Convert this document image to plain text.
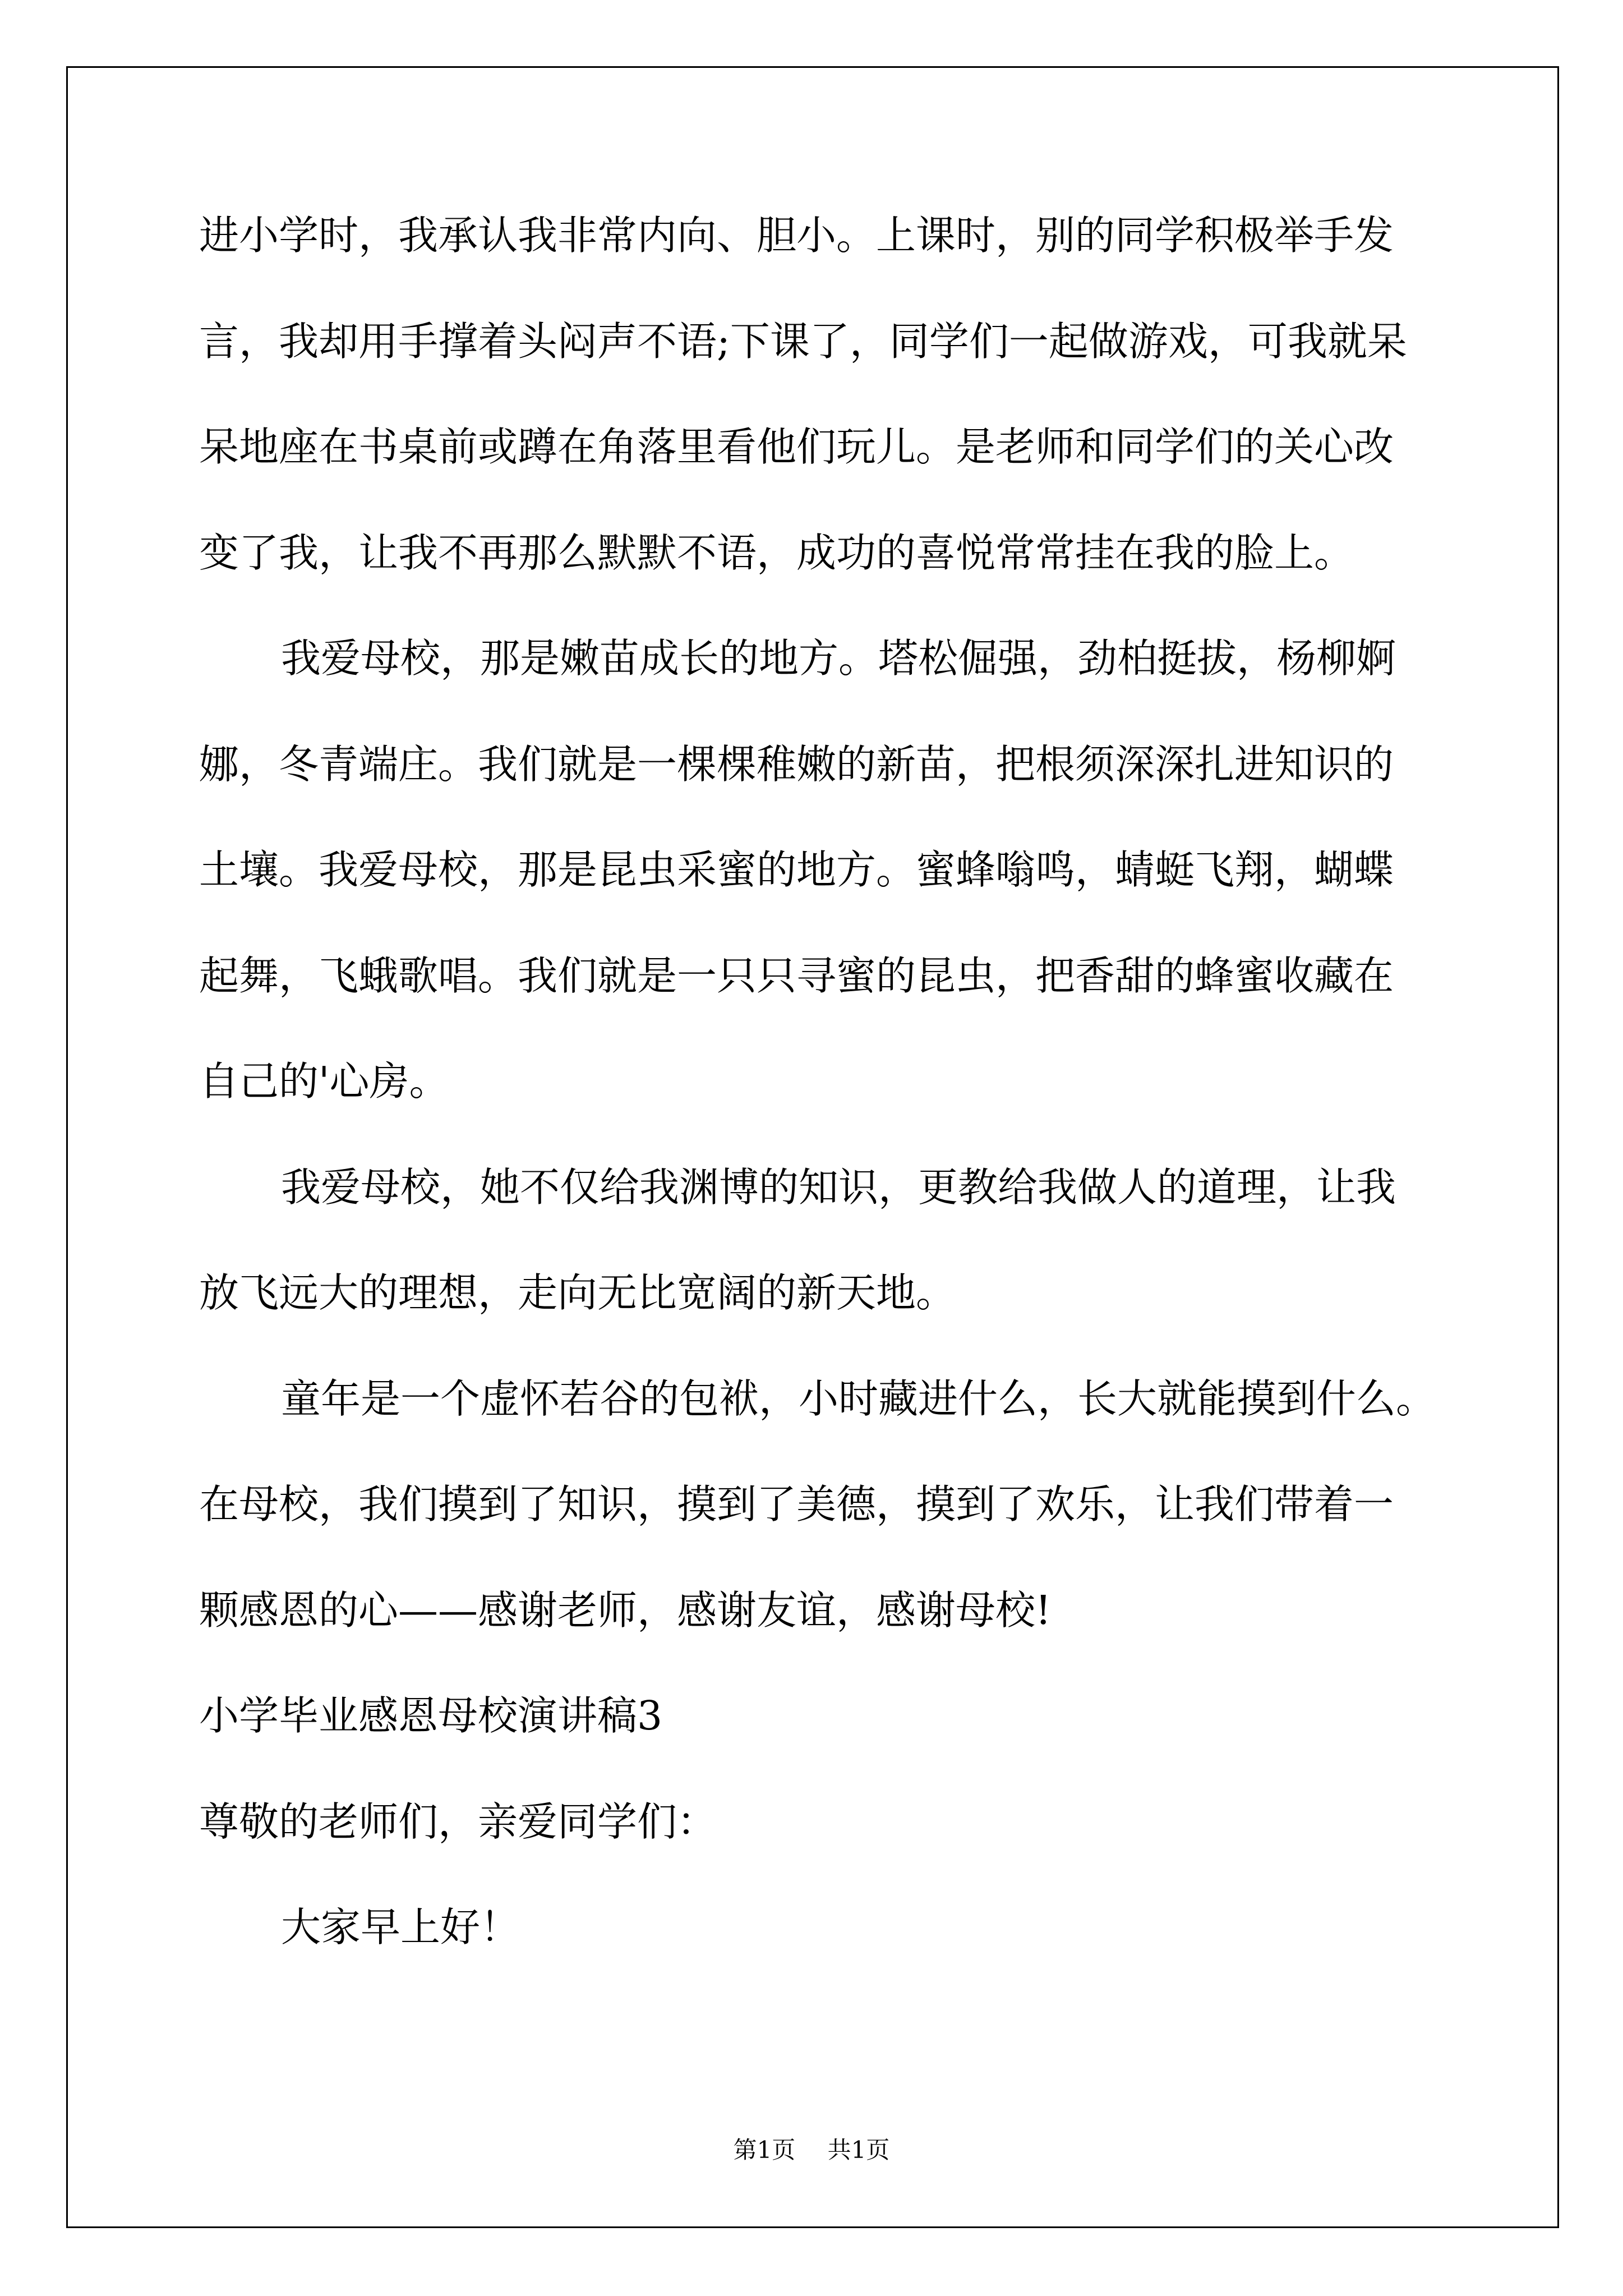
进小学时，我承认我非常内向、胆小。上课时，别的同学积极举手发

言，我却用手撑着头闷声不语;下课了，同学们一起做游戏，可我就呆

呆地座在书桌前或蹲在角落里看他们玩儿。是老师和同学们的关心改

变了我，让我不再那么默默不语，成功的喜悦常常挂在我的脸上。

我爱母校，那是嫩苗成长的地方。塔松倔强，劲柏挺拔，杨柳婀

娜，冬青端庄。我们就是一棵棵稚嫩的新苗，把根须深深扎进知识的

土壤。我爱母校，那是昆虫采蜜的地方。蜜蜂嗡鸣，蜻蜓飞翔，蝴蝶

起舞，飞蛾歌唱。我们就是一只只寻蜜的昆虫，把香甜的蜂蜜收藏在

自己的'心房。

我爱母校，她不仅给我渊博的知识，更教给我做人的道理，让我

放飞远大的理想，走向无比宽阔的新天地。

童年是一个虚怀若谷的包袱，小时藏进什么，长大就能摸到什么。

在母校，我们摸到了知识，摸到了美德，摸到了欢乐，让我们带着一

颗感恩的心——感谢老师，感谢友谊，感谢母校!

小学毕业感恩母校演讲稿3

尊敬的老师们，亲爱同学们：

大家早上好！

第1页 共1页
